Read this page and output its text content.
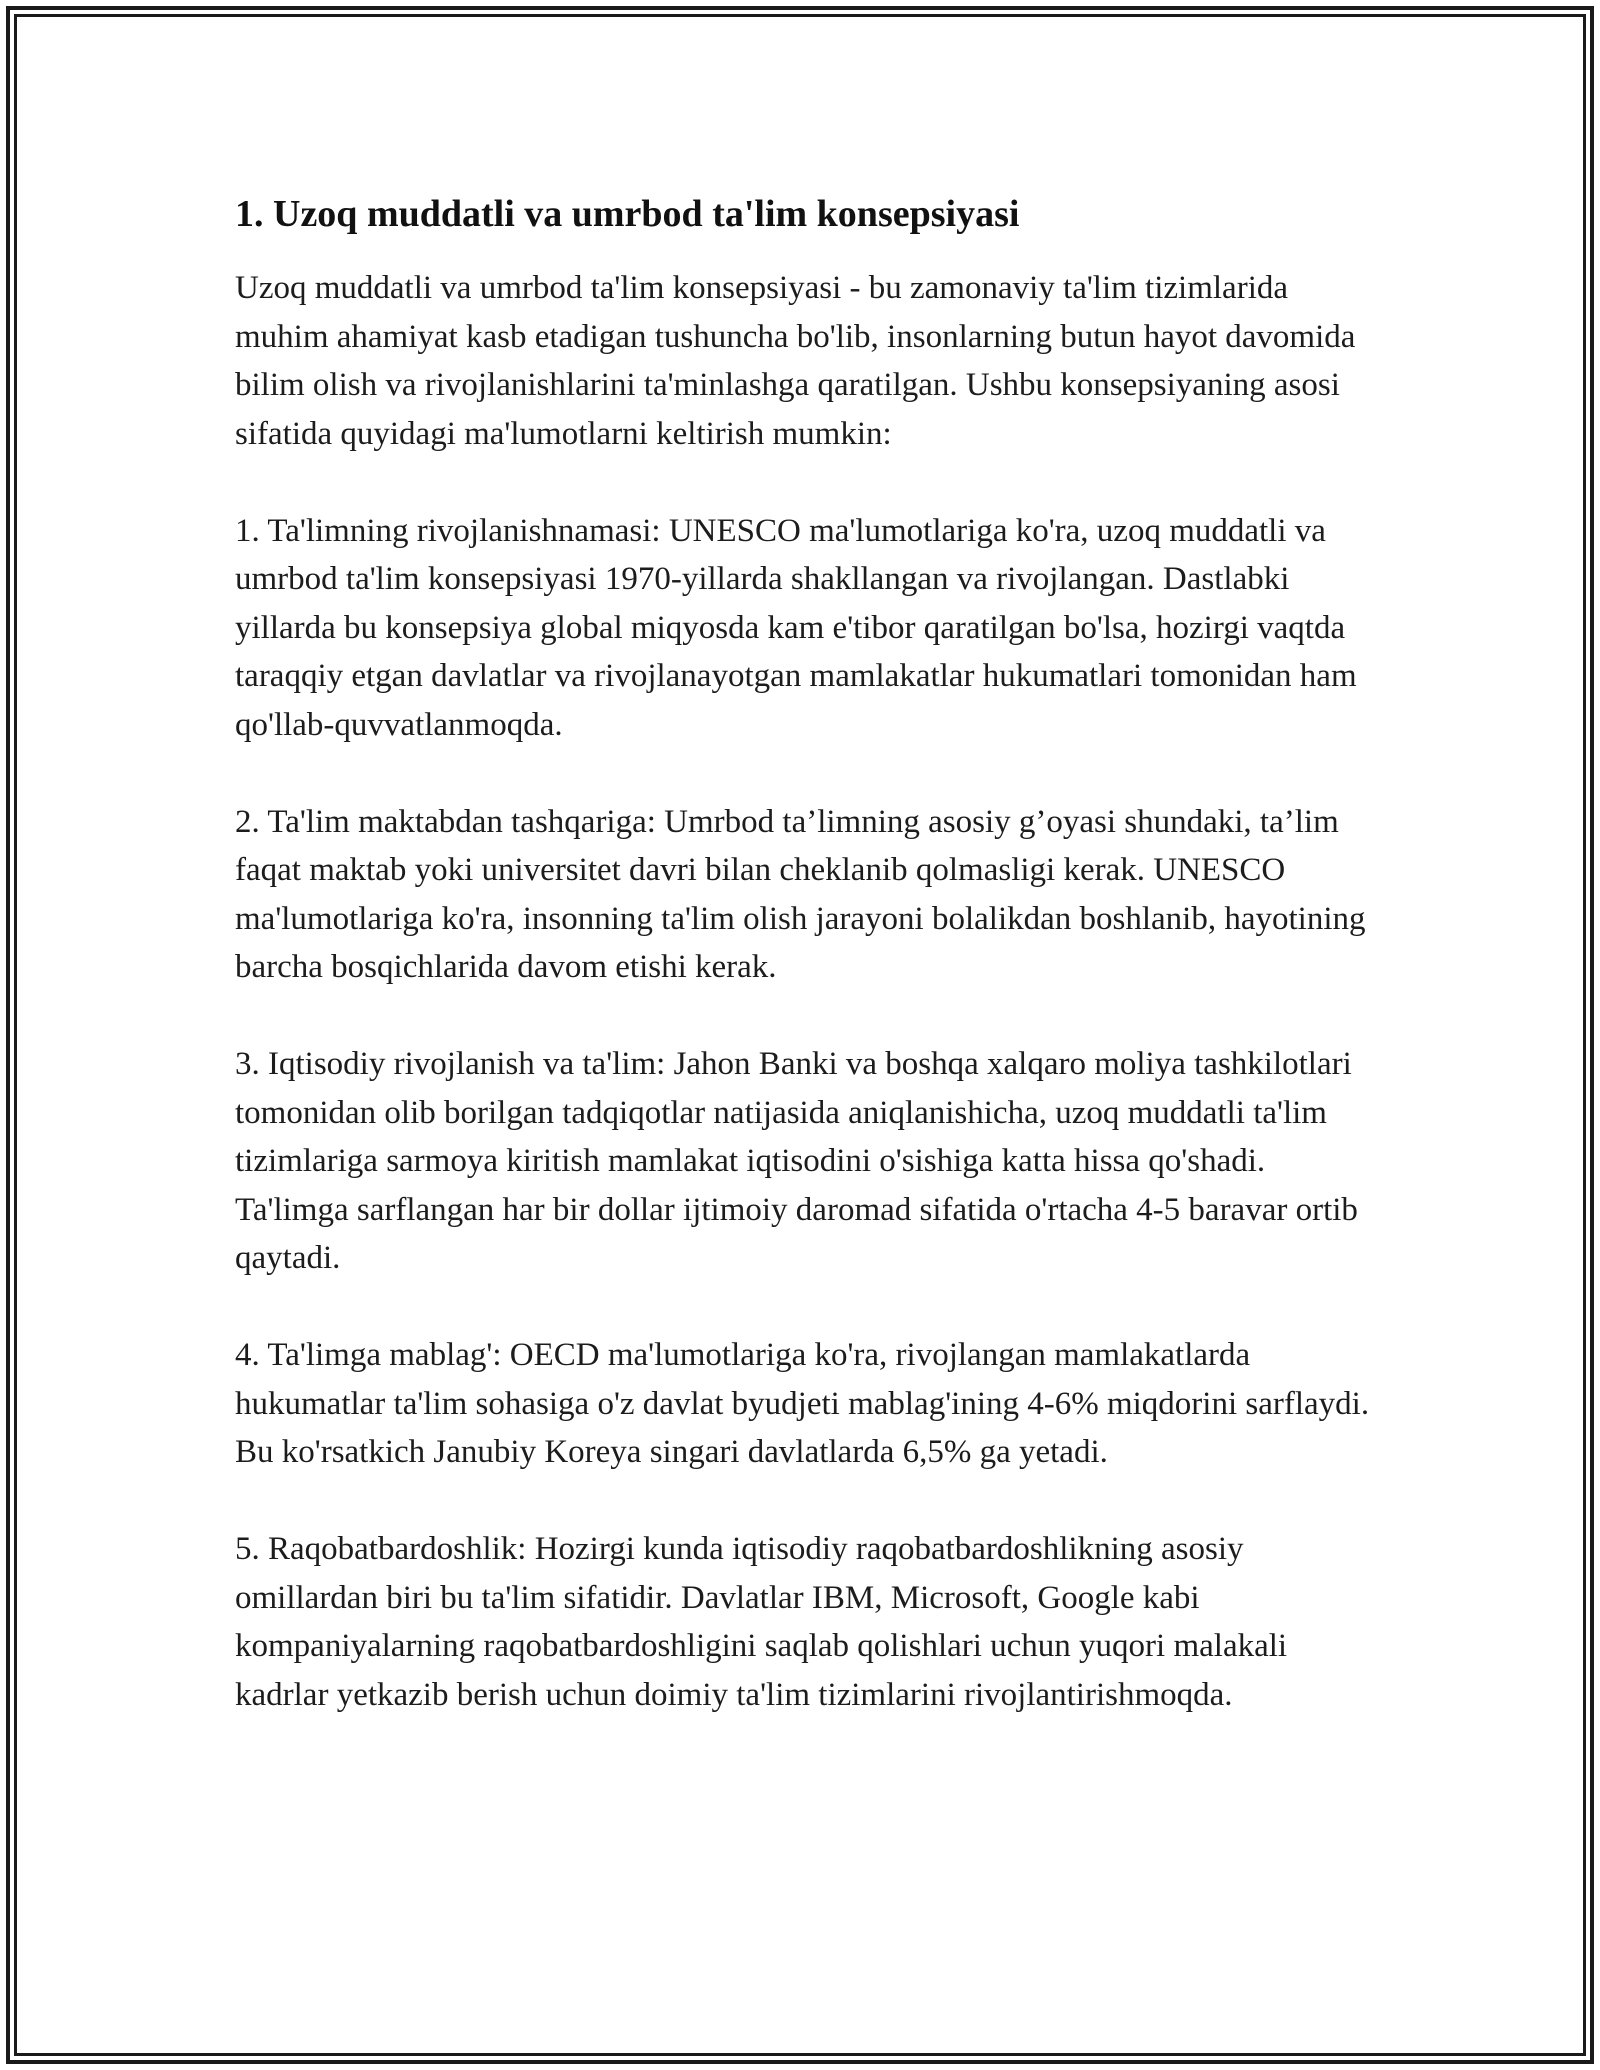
1. Uzoq muddatli va umrbod ta'lim konsepsiyasi

Uzoq muddatli va umrbod ta'lim konsepsiyasi - bu zamonaviy ta'lim tizimlarida muhim ahamiyat kasb etadigan tushuncha bo'lib, insonlarning butun hayot davomida bilim olish va rivojlanishlarini ta'minlashga qaratilgan. Ushbu konsepsiyaning asosi sifatida quyidagi ma'lumotlarni keltirish mumkin:

1. Ta'limning rivojlanishnamasi: UNESCO ma'lumotlariga ko'ra, uzoq muddatli va umrbod ta'lim konsepsiyasi 1970-yillarda shakllangan va rivojlangan. Dastlabki yillarda bu konsepsiya global miqyosda kam e'tibor qaratilgan bo'lsa, hozirgi vaqtda taraqqiy etgan davlatlar va rivojlanayotgan mamlakatlar hukumatlari tomonidan ham qo'llab-quvvatlanmoqda.

2. Ta'lim maktabdan tashqariga: Umrbod ta’limning asosiy g’oyasi shundaki, ta’lim faqat maktab yoki universitet davri bilan cheklanib qolmasligi kerak. UNESCO ma'lumotlariga ko'ra, insonning ta'lim olish jarayoni bolalikdan boshlanib, hayotining barcha bosqichlarida davom etishi kerak.

3. Iqtisodiy rivojlanish va ta'lim: Jahon Banki va boshqa xalqaro moliya tashkilotlari tomonidan olib borilgan tadqiqotlar natijasida aniqlanishicha, uzoq muddatli ta'lim tizimlariga sarmoya kiritish mamlakat iqtisodini o'sishiga katta hissa qo'shadi. Ta'limga sarflangan har bir dollar ijtimoiy daromad sifatida o'rtacha 4-5 baravar ortib qaytadi.

4. Ta'limga mablag': OECD ma'lumotlariga ko'ra, rivojlangan mamlakatlarda hukumatlar ta'lim sohasiga o'z davlat byudjeti mablag'ining 4-6% miqdorini sarflaydi. Bu ko'rsatkich Janubiy Koreya singari davlatlarda 6,5% ga yetadi.

5. Raqobatbardoshlik: Hozirgi kunda iqtisodiy raqobatbardoshlikning asosiy omillardan biri bu ta'lim sifatidir. Davlatlar IBM, Microsoft, Google kabi kompaniyalarning raqobatbardoshligini saqlab qolishlari uchun yuqori malakali kadrlar yetkazib berish uchun doimiy ta'lim tizimlarini rivojlantirishmoqda.
